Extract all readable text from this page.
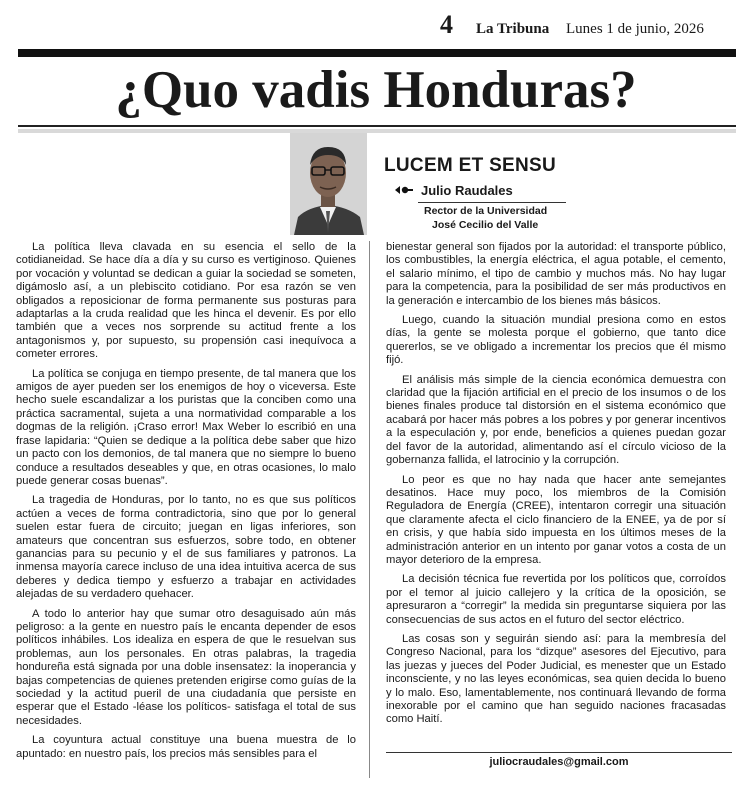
4 La Tribuna Lunes 1 de junio, 2026
¿Quo vadis Honduras?
LUCEM ET SENSU
Julio Raudales
Rector de la Universidad
José Cecilio del Valle

La política lleva clavada en su esencia el sello de la cotidianeidad. Se hace día a día y su curso es vertiginoso. Quienes por vocación y voluntad se dedican a guiar la sociedad se someten, digámoslo así, a un plebiscito cotidiano. Por esa razón se ven obligados a reposicionar de forma permanente sus posturas para adaptarlas a la cruda realidad que les hinca el devenir. Es por ello también que a veces nos sorprende su actitud frente a los antagonismos y, por supuesto, su propensión casi inequívoca a cometer errores.

La política se conjuga en tiempo presente, de tal manera que los amigos de ayer pueden ser los enemigos de hoy o viceversa. Este hecho suele escandalizar a los puristas que la conciben como una práctica sacramental, sujeta a una normatividad comparable a los dogmas de la religión. ¡Craso error! Max Weber lo escribió en una frase lapidaria: “Quien se dedique a la política debe saber que hizo un pacto con los demonios, de tal manera que no siempre lo bueno conduce a resultados deseables y que, en otras ocasiones, lo malo puede generar cosas buenas”.

La tragedia de Honduras, por lo tanto, no es que sus políticos actúen a veces de forma contradictoria, sino que por lo general suelen estar fuera de circuito; juegan en ligas inferiores, son amateurs que concentran sus esfuerzos, sobre todo, en obtener ganancias para su pecunio y el de sus familiares y patronos. La inmensa mayoría carece incluso de una idea intuitiva acerca de sus deberes y dedica tiempo y esfuerzo a trabajar en actividades alejadas de su verdadero quehacer.

A todo lo anterior hay que sumar otro desaguisado aún más peligroso: a la gente en nuestro país le encanta depender de esos políticos inhábiles. Los idealiza en espera de que le resuelvan sus problemas, aun los personales. En otras palabras, la tragedia hondureña está signada por una doble insensatez: la inoperancia y bajas competencias de quienes pretenden erigirse como guías de la sociedad y la actitud pueril de una ciudadanía que persiste en esperar que el Estado -léase los políticos- satisfaga el total de sus necesidades.

La coyuntura actual constituye una buena muestra de lo apuntado: en nuestro país, los precios más sensibles para el

bienestar general son fijados por la autoridad: el transporte público, los combustibles, la energía eléctrica, el agua potable, el cemento, el salario mínimo, el tipo de cambio y muchos más. No hay lugar para la competencia, para la posibilidad de ser más productivos en la generación e intercambio de los bienes más básicos.

Luego, cuando la situación mundial presiona como en estos días, la gente se molesta porque el gobierno, que tanto dice quererlos, se ve obligado a incrementar los precios que él mismo fijó.

El análisis más simple de la ciencia económica demuestra con claridad que la fijación artificial en el precio de los insumos o de los bienes finales produce tal distorsión en el sistema económico que acabará por hacer más pobres a los pobres y por generar incentivos a la especulación y, por ende, beneficios a quienes puedan gozar del favor de la autoridad, alimentando así el círculo vicioso de la gobernanza fallida, el latrocinio y la corrupción.

Lo peor es que no hay nada que hacer ante semejantes desatinos. Hace muy poco, los miembros de la Comisión Reguladora de Energía (CREE), intentaron corregir una situación que claramente afecta el ciclo financiero de la ENEE, ya de por sí en crisis, y que había sido impuesta en los últimos meses de la administración anterior en un intento por ganar votos a costa de un mayor deterioro de la empresa.

La decisión técnica fue revertida por los políticos que, corroídos por el temor al juicio callejero y la crítica de la oposición, se apresuraron a “corregir” la medida sin preguntarse siquiera por las consecuencias de sus actos en el futuro del sector eléctrico.

Las cosas son y seguirán siendo así: para la membresía del Congreso Nacional, para los “dizque” asesores del Ejecutivo, para las juezas y jueces del Poder Judicial, es menester que un Estado inconsciente, y no las leyes económicas, sea quien decida lo bueno y lo malo. Eso, lamentablemente, nos continuará llevando de forma inexorable por el camino que han seguido naciones fracasadas como Haití.

juliocraudales@gmail.com
